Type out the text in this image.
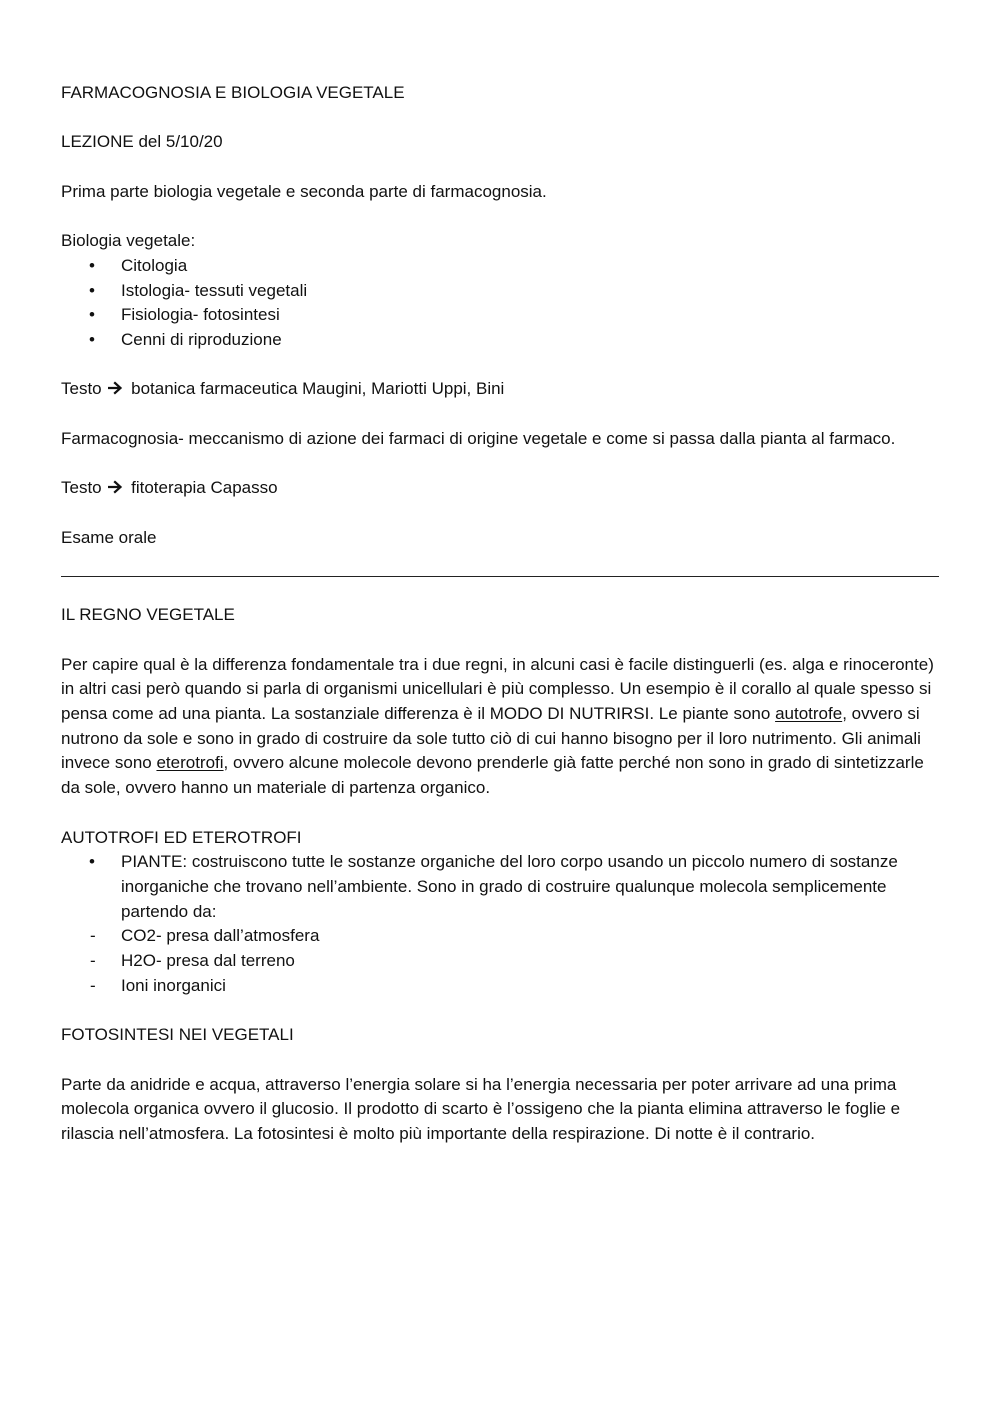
FARMACOGNOSIA E BIOLOGIA VEGETALE

LEZIONE del 5/10/20

Prima parte biologia vegetale e seconda parte di farmacognosia.

Biologia vegetale:

• Citologia
• Istologia- tessuti vegetali
• Fisiologia- fotosintesi
• Cenni di riproduzione

Testo botanica farmaceutica Maugini, Mariotti Uppi, Bini

Farmacognosia- meccanismo di azione dei farmaci di origine vegetale e come si passa dalla pianta al farmaco.

Testo fitoterapia Capasso

Esame orale

IL REGNO VEGETALE

Per capire qual è la differenza fondamentale tra i due regni, in alcuni casi è facile distinguerli (es. alga e rinoceronte) in altri casi però quando si parla di organismi unicellulari è più complesso. Un esempio è il corallo al quale spesso si pensa come ad una pianta. La sostanziale differenza è il MODO DI NUTRIRSI. Le piante sono autotrofe, ovvero si nutrono da sole e sono in grado di costruire da sole tutto ciò di cui hanno bisogno per il loro nutrimento. Gli animali invece sono eterotrofi, ovvero alcune molecole devono prenderle già fatte perché non sono in grado di sintetizzarle da sole, ovvero hanno un materiale di partenza organico.

AUTOTROFI ED ETEROTROFI

• PIANTE: costruiscono tutte le sostanze organiche del loro corpo usando un piccolo numero di sostanze inorganiche che trovano nell’ambiente. Sono in grado di costruire qualunque molecola semplicemente partendo da:
- CO2- presa dall’atmosfera
- H2O- presa dal terreno
- Ioni inorganici

FOTOSINTESI NEI VEGETALI

Parte da anidride e acqua, attraverso l’energia solare si ha l’energia necessaria per poter arrivare ad una prima molecola organica ovvero il glucosio. Il prodotto di scarto è l’ossigeno che la pianta elimina attraverso le foglie e rilascia nell’atmosfera. La fotosintesi è molto più importante della respirazione. Di notte è il contrario.
